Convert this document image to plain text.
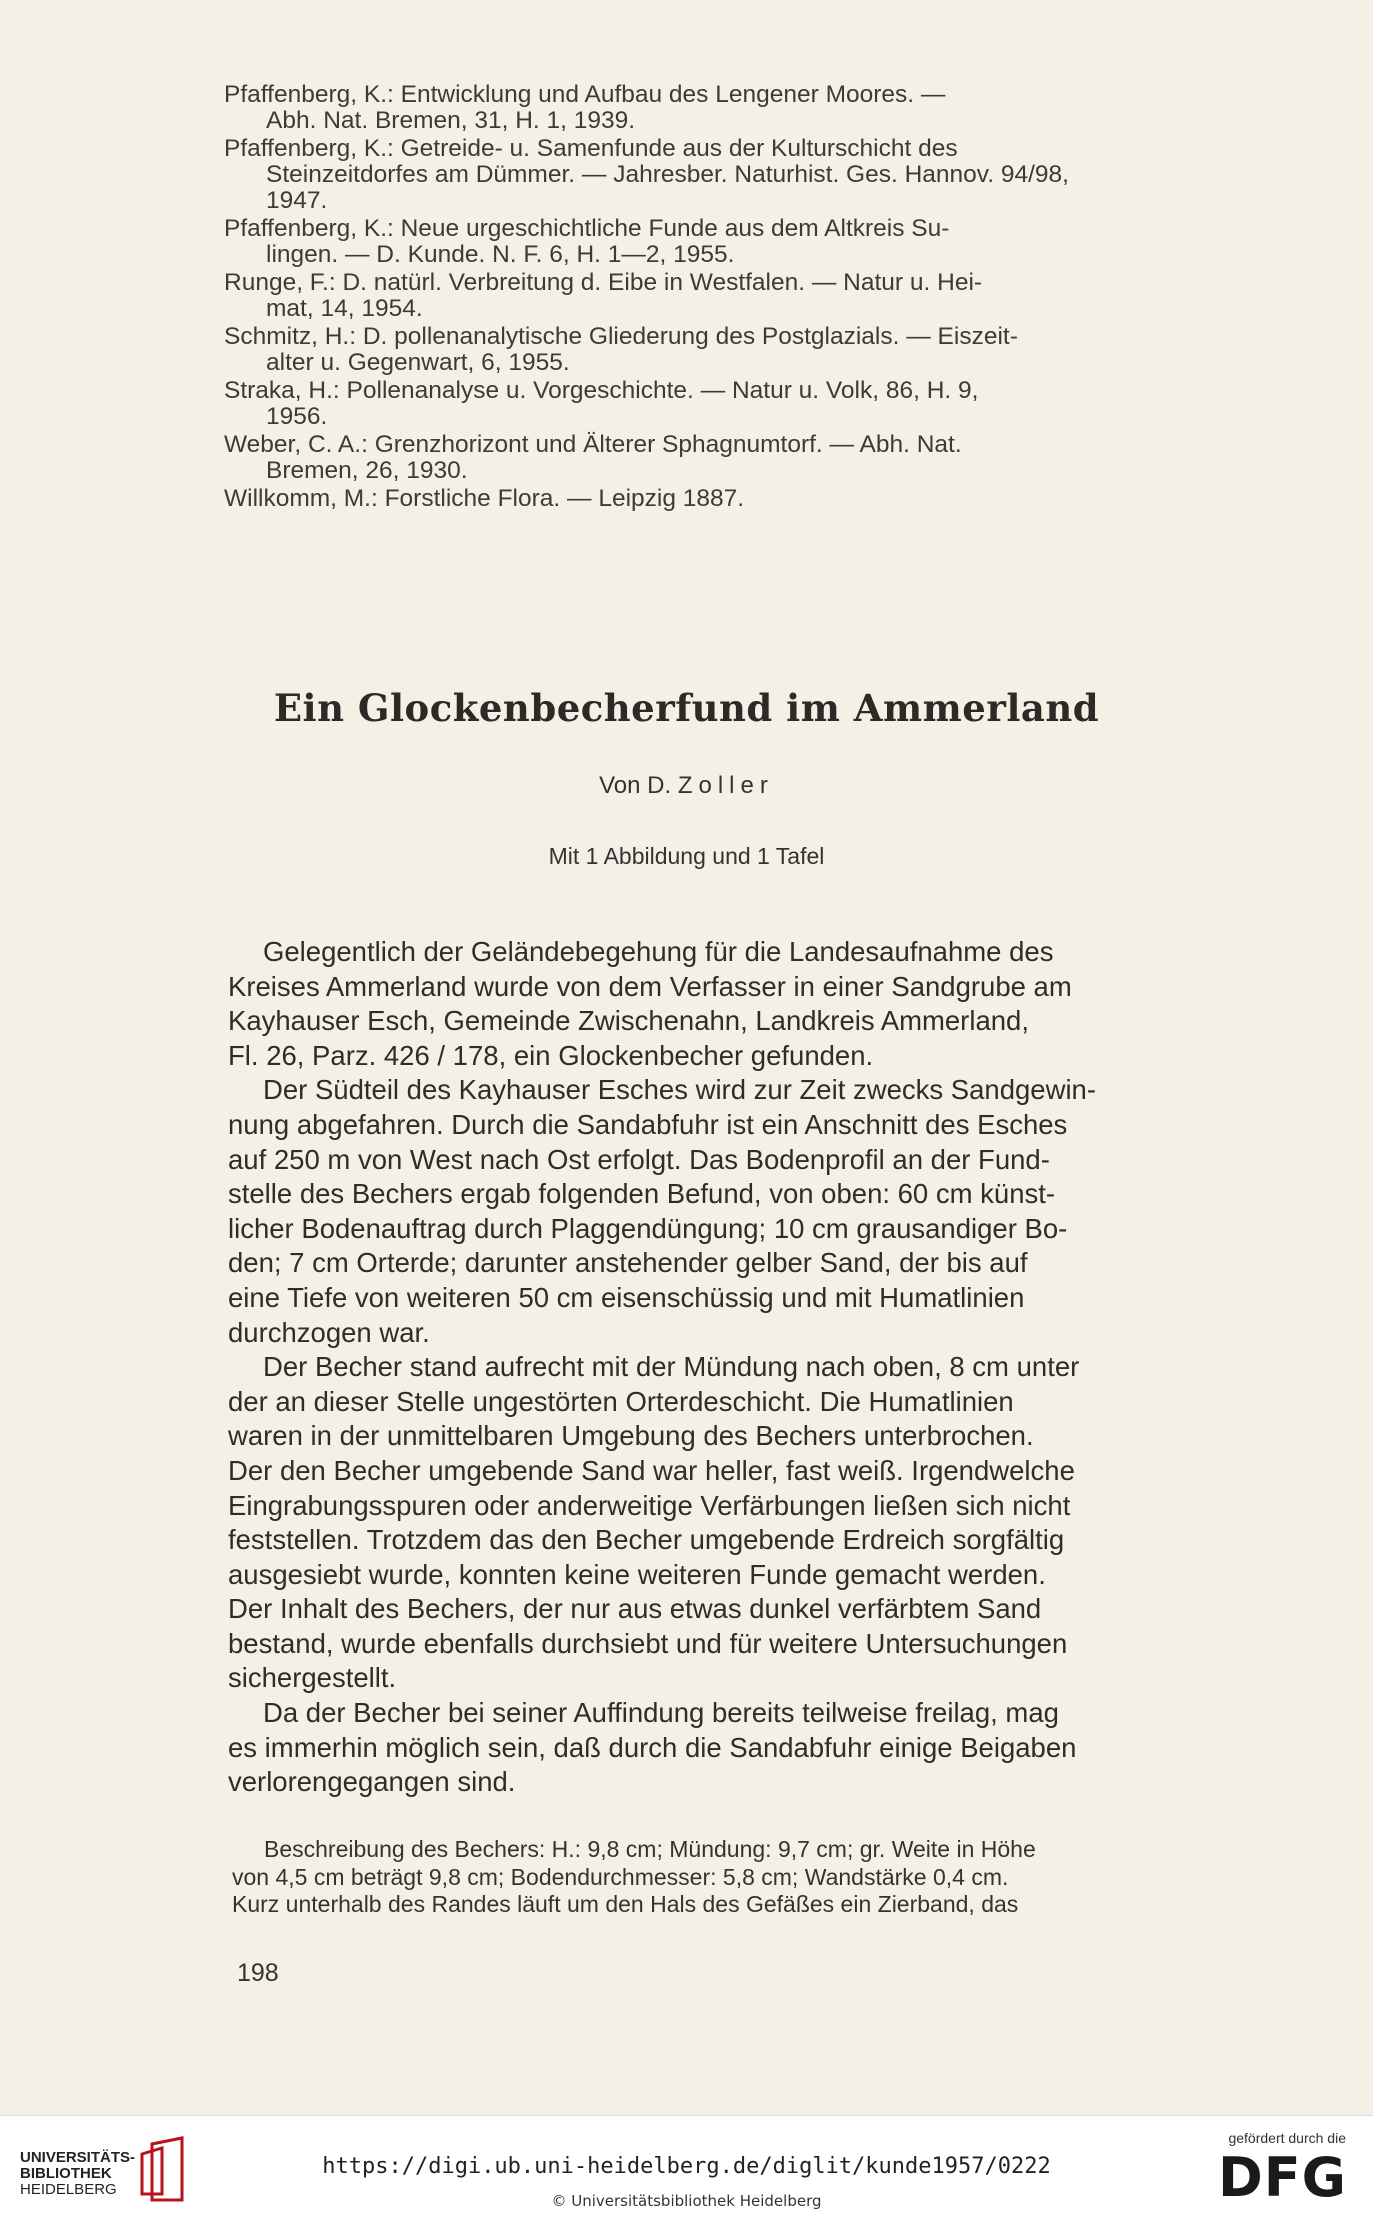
Pfaffenberg, K.: Entwicklung und Aufbau des Lengener Moores. —
Abh. Nat. Bremen, 31, H. 1, 1939.
Pfaffenberg, K.: Getreide- u. Samenfunde aus der Kulturschicht des
Steinzeitdorfes am Dümmer. — Jahresber. Naturhist. Ges. Hannov. 94/98,
1947.
Pfaffenberg, K.: Neue urgeschichtliche Funde aus dem Altkreis Su-
lingen. — D. Kunde. N. F. 6, H. 1—2, 1955.
Runge, F.: D. natürl. Verbreitung d. Eibe in Westfalen. — Natur u. Hei-
mat, 14, 1954.
Schmitz, H.: D. pollenanalytische Gliederung des Postglazials. — Eiszeit-
alter u. Gegenwart, 6, 1955.
Straka, H.: Pollenanalyse u. Vorgeschichte. — Natur u. Volk, 86, H. 9,
1956.
Weber, C. A.: Grenzhorizont und Älterer Sphagnumtorf. — Abh. Nat.
Bremen, 26, 1930.
Willkomm, M.: Forstliche Flora. — Leipzig 1887.
Ein Glockenbecherfund im Ammerland
Von D. Zoller
Mit 1 Abbildung und 1 Tafel

Gelegentlich der Geländebegehung für die Landesaufnahme des
Kreises Ammerland wurde von dem Verfasser in einer Sandgrube am
Kayhauser Esch, Gemeinde Zwischenahn, Landkreis Ammerland,
Fl. 26, Parz. 426 / 178, ein Glockenbecher gefunden.

Der Südteil des Kayhauser Esches wird zur Zeit zwecks Sandgewin-
nung abgefahren. Durch die Sandabfuhr ist ein Anschnitt des Esches
auf 250 m von West nach Ost erfolgt. Das Bodenprofil an der Fund-
stelle des Bechers ergab folgenden Befund, von oben: 60 cm künst-
licher Bodenauftrag durch Plaggendüngung; 10 cm grausandiger Bo-
den; 7 cm Orterde; darunter anstehender gelber Sand, der bis auf
eine Tiefe von weiteren 50 cm eisenschüssig und mit Humatlinien
durchzogen war.

Der Becher stand aufrecht mit der Mündung nach oben, 8 cm unter
der an dieser Stelle ungestörten Orterdeschicht. Die Humatlinien
waren in der unmittelbaren Umgebung des Bechers unterbrochen.
Der den Becher umgebende Sand war heller, fast weiß. Irgendwelche
Eingrabungsspuren oder anderweitige Verfärbungen ließen sich nicht
feststellen. Trotzdem das den Becher umgebende Erdreich sorgfältig
ausgesiebt wurde, konnten keine weiteren Funde gemacht werden.
Der Inhalt des Bechers, der nur aus etwas dunkel verfärbtem Sand
bestand, wurde ebenfalls durchsiebt und für weitere Untersuchungen
sichergestellt.

Da der Becher bei seiner Auffindung bereits teilweise freilag, mag
es immerhin möglich sein, daß durch die Sandabfuhr einige Beigaben
verlorengegangen sind.

Beschreibung des Bechers: H.: 9,8 cm; Mündung: 9,7 cm; gr. Weite in Höhe
von 4,5 cm beträgt 9,8 cm; Bodendurchmesser: 5,8 cm; Wandstärke 0,4 cm.
Kurz unterhalb des Randes läuft um den Hals des Gefäßes ein Zierband, das
198
UNIVERSITÄTS-
BIBLIOTHEK
HEIDELBERG
https://digi.ub.uni-heidelberg.de/diglit/kunde1957/0222
© Universitätsbibliothek Heidelberg
gefördert durch die
DFG
